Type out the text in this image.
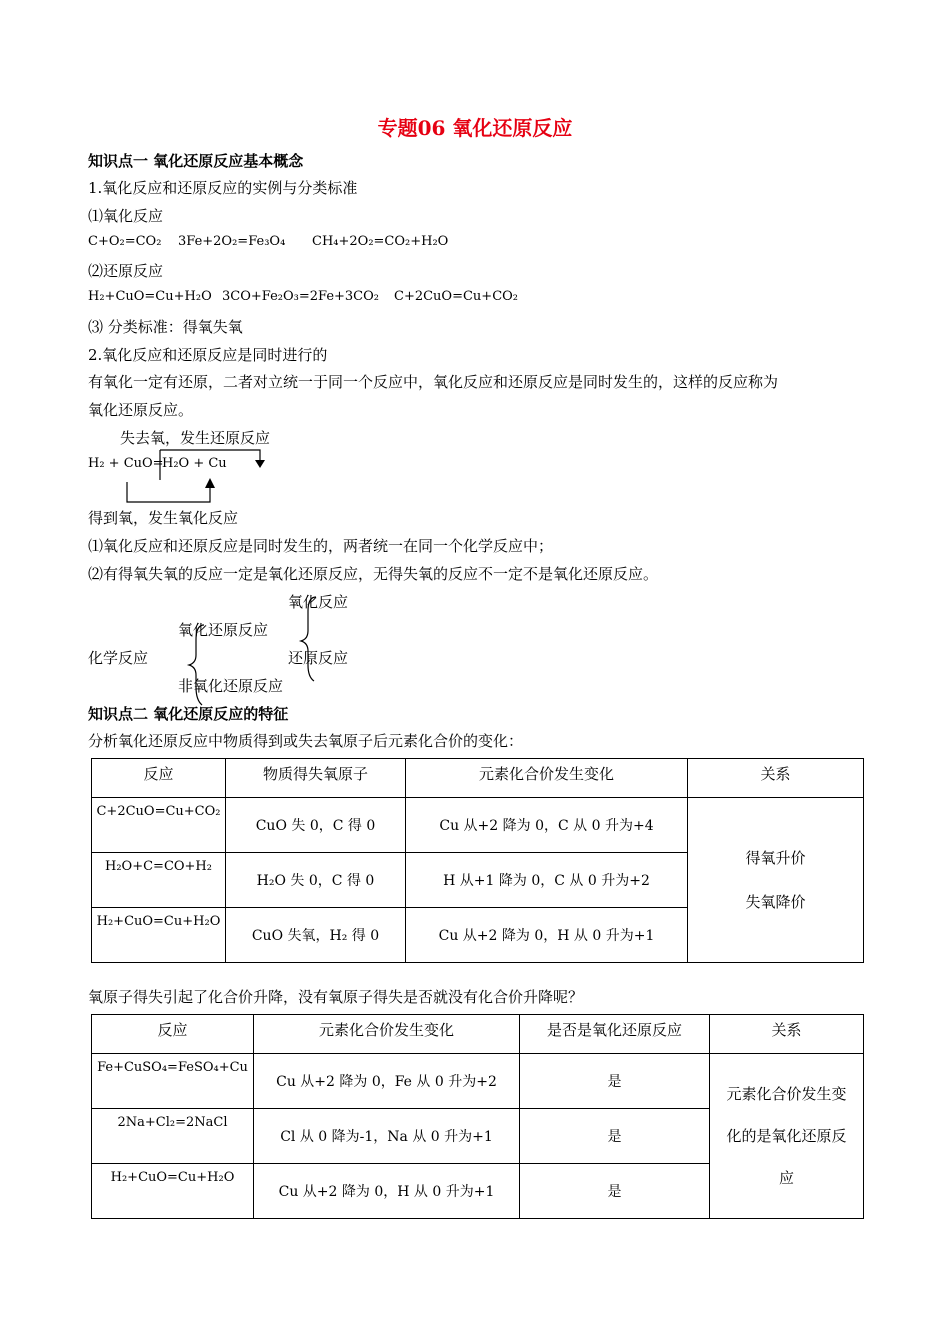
专题06 氧化还原反应
知识点一 氧化还原反应基本概念
1.氧化反应和还原反应的实例与分类标准
⑴氧化反应
C+O₂=CO₂ 3Fe+2O₂=Fe₃O₄ CH₄+2O₂=CO₂+H₂O
⑵还原反应
H₂+CuO=Cu+H₂O 3CO+Fe₂O₃=2Fe+3CO₂ C+2CuO=Cu+CO₂
⑶ 分类标准：得氧失氧
2.氧化反应和还原反应是同时进行的
有氧化一定有还原，二者对立统一于同一个反应中，氧化反应和还原反应是同时发生的，这样的反应称为
氧化还原反应。
失去氧，发生还原反应
H₂ + CuO=
H₂O + Cu
得到氧，发生氧化反应
⑴氧化反应和还原反应是同时发生的，两者统一在同一个化学反应中；
⑵有得氧失氧的反应一定是氧化还原反应，无得失氧的反应不一定不是氧化还原反应。
氧化反应
氧化还原反应
化学反应	还原反应
非氧化还原反应
知识点二 氧化还原反应的特征
分析氧化还原反应中物质得到或失去氧原子后元素化合价的变化：
反应	物质得失氧原子	元素化合价发生变化	关系
C+2CuO=Cu+CO₂	CuO 失 0，C 得 0	Cu 从+2 降为 0，C 从 0 升为+4	得氧升价
失氧降价

H₂O+C=CO+H₂	H₂O 失 0，C 得 0	H 从+1 降为 0，C 从 0 升为+2	
H₂+CuO=Cu+H₂O	CuO 失氧，H₂ 得 0	Cu 从+2 降为 0，H 从 0 升为+1	
氧原子得失引起了化合价升降，没有氧原子得失是否就没有化合价升降呢？
反应	元素化合价发生变化	是否是氧化还原反应	关系
Fe+CuSO₄=FeSO₄+Cu	Cu 从+2 降为 0，Fe 从 0 升为+2	是	元素化合价发生变
化的是氧化还原反
应

2Na+Cl₂=2NaCl	Cl 从 0 降为-1，Na 从 0 升为+1	是	
H₂+CuO=Cu+H₂O	Cu 从+2 降为 0，H 从 0 升为+1	是	
